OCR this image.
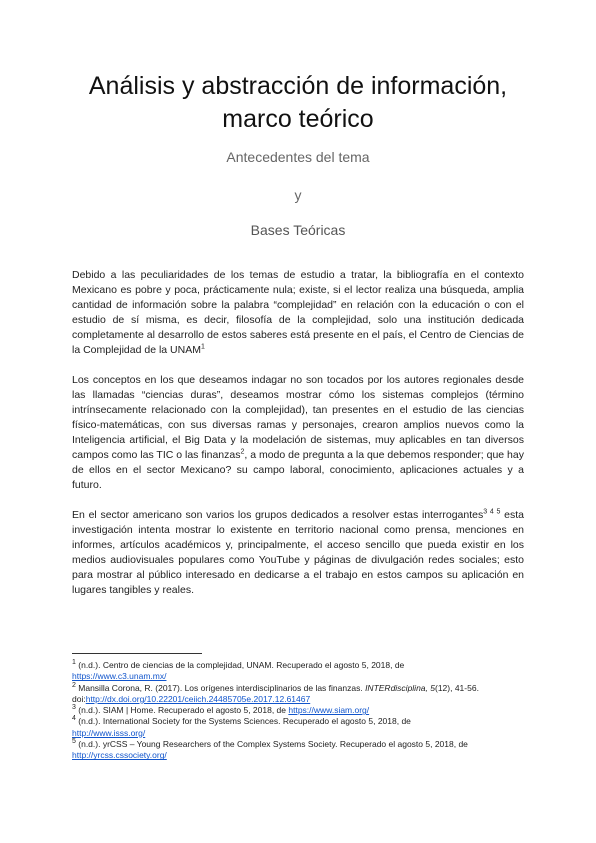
Análisis y abstracción de información,
marco teórico
Antecedentes del tema
y
Bases Teóricas

Debido a las peculiaridades de los temas de estudio a tratar, la bibliografía en el contexto Mexicano es pobre y poca, prácticamente nula; existe, si el lector realiza una búsqueda, amplia cantidad de información sobre la palabra “complejidad” en relación con la educación o con el estudio de sí misma, es decir, filosofía de la complejidad, solo una institución dedicada completamente al desarrollo de estos saberes está presente en el país, el Centro de Ciencias de la Complejidad de la UNAM$^1$

Los conceptos en los que deseamos indagar no son tocados por los autores regionales desde las llamadas “ciencias duras”, deseamos mostrar cómo los sistemas complejos (término intrínsecamente relacionado con la complejidad), tan presentes en el estudio de las ciencias físico-matemáticas, con sus diversas ramas y personajes, crearon amplios nuevos como la Inteligencia artificial, el Big Data y la modelación de sistemas, muy aplicables en tan diversos campos como las TIC o las finanzas$^2$, a modo de pregunta a la que debemos responder; que hay de ellos en el sector Mexicano? su campo laboral, conocimiento, aplicaciones actuales y a futuro.

En el sector americano son varios los grupos dedicados a resolver estas interrogantes$^{3 4 5}$ esta investigación intenta mostrar lo existente en territorio nacional como prensa, menciones en informes, artículos académicos y, principalmente, el acceso sencillo que pueda existir en los medios audiovisuales populares como YouTube y páginas de divulgación redes sociales; esto para mostrar al público interesado en dedicarse a el trabajo en estos campos su aplicación en lugares tangibles y reales.

$^1$ (n.d.). Centro de ciencias de la complejidad, UNAM. Recuperado el agosto 5, 2018, de
https://www.c3.unam.mx/

$^2$ Mansilla Corona, R. (2017). Los orígenes interdisciplinarios de las finanzas. INTERdisciplina, 5(12), 41-56. doi:http://dx.doi.org/10.22201/ceiich.24485705e.2017.12.61467

$^3$ (n.d.). SIAM | Home. Recuperado el agosto 5, 2018, de https://www.siam.org/

$^4$ (n.d.). International Society for the Systems Sciences. Recuperado el agosto 5, 2018, de
http://www.isss.org/

$^5$ (n.d.). yrCSS – Young Researchers of the Complex Systems Society. Recuperado el agosto 5, 2018, de http://yrcss.cssociety.org/
